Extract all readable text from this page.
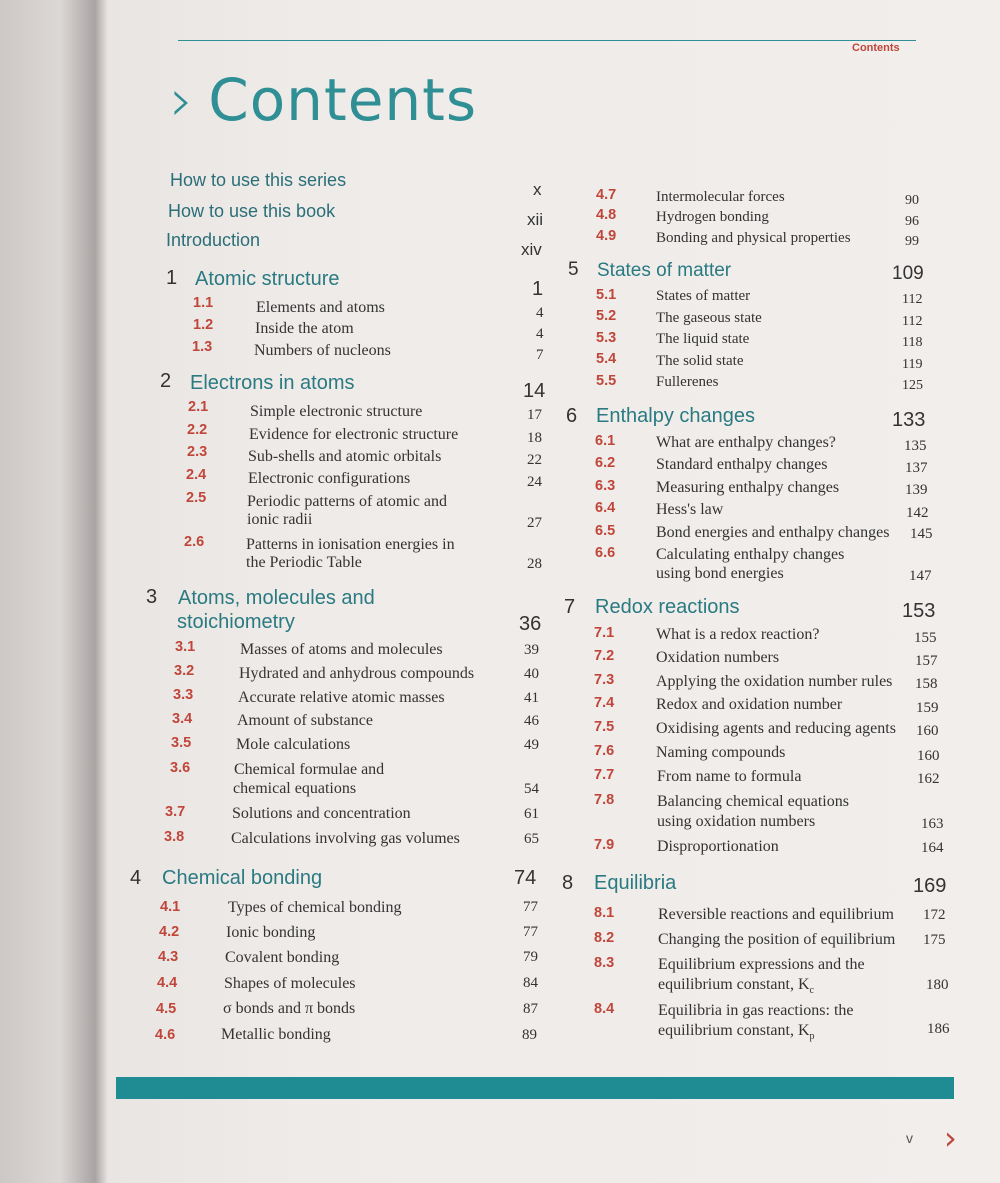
Contents
› Contents
How to use this series	x
How to use this book	xii
Introduction	xiv
1 Atomic structure	1
1.1	Elements and atoms	4
1.2	Inside the atom	4
1.3	Numbers of nucleons	7
2 Electrons in atoms	14
2.1	Simple electronic structure	17
2.2	Evidence for electronic structure	18
2.3	Sub-shells and atomic orbitals	22
2.4	Electronic configurations	24
2.5	Periodic patterns of atomic and
ionic radii	27
2.6	Patterns in ionisation energies in
the Periodic Table	28
3 Atoms, molecules and
stoichiometry	36
3.1	Masses of atoms and molecules	39
3.2	Hydrated and anhydrous compounds	40
3.3	Accurate relative atomic masses	41
3.4	Amount of substance	46
3.5	Mole calculations	49
3.6	Chemical formulae and
chemical equations	54
3.7	Solutions and concentration	61
3.8	Calculations involving gas volumes	65
4 Chemical bonding	74
4.1	Types of chemical bonding	77
4.2	Ionic bonding	77
4.3	Covalent bonding	79
4.4	Shapes of molecules	84
4.5	σ bonds and π bonds	87
4.6	Metallic bonding	89
4.7	Intermolecular forces	90
4.8	Hydrogen bonding	96
4.9	Bonding and physical properties	99
5 States of matter	109
5.1	States of matter	112
5.2	The gaseous state	112
5.3	The liquid state	118
5.4	The solid state	119
5.5	Fullerenes	125
6 Enthalpy changes	133
6.1	What are enthalpy changes?	135
6.2	Standard enthalpy changes	137
6.3	Measuring enthalpy changes	139
6.4	Hess's law	142
6.5	Bond energies and enthalpy changes 145
6.6	Calculating enthalpy changes
using bond energies	147
7 Redox reactions	153
7.1	What is a redox reaction?	155
7.2	Oxidation numbers	157
7.3	Applying the oxidation number rules 158
7.4	Redox and oxidation number	159
7.5	Oxidising agents and reducing agents 160
7.6	Naming compounds	160
7.7	From name to formula	162
7.8	Balancing chemical equations
using oxidation numbers	163
7.9	Disproportionation	164
8 Equilibria	169
8.1	Reversible reactions and equilibrium 172
8.2	Changing the position of equilibrium 175
8.3	Equilibrium expressions and the
equilibrium constant, $K_c$	180
8.4	Equilibria in gas reactions: the
equilibrium constant, $K_p$	186
v ›
